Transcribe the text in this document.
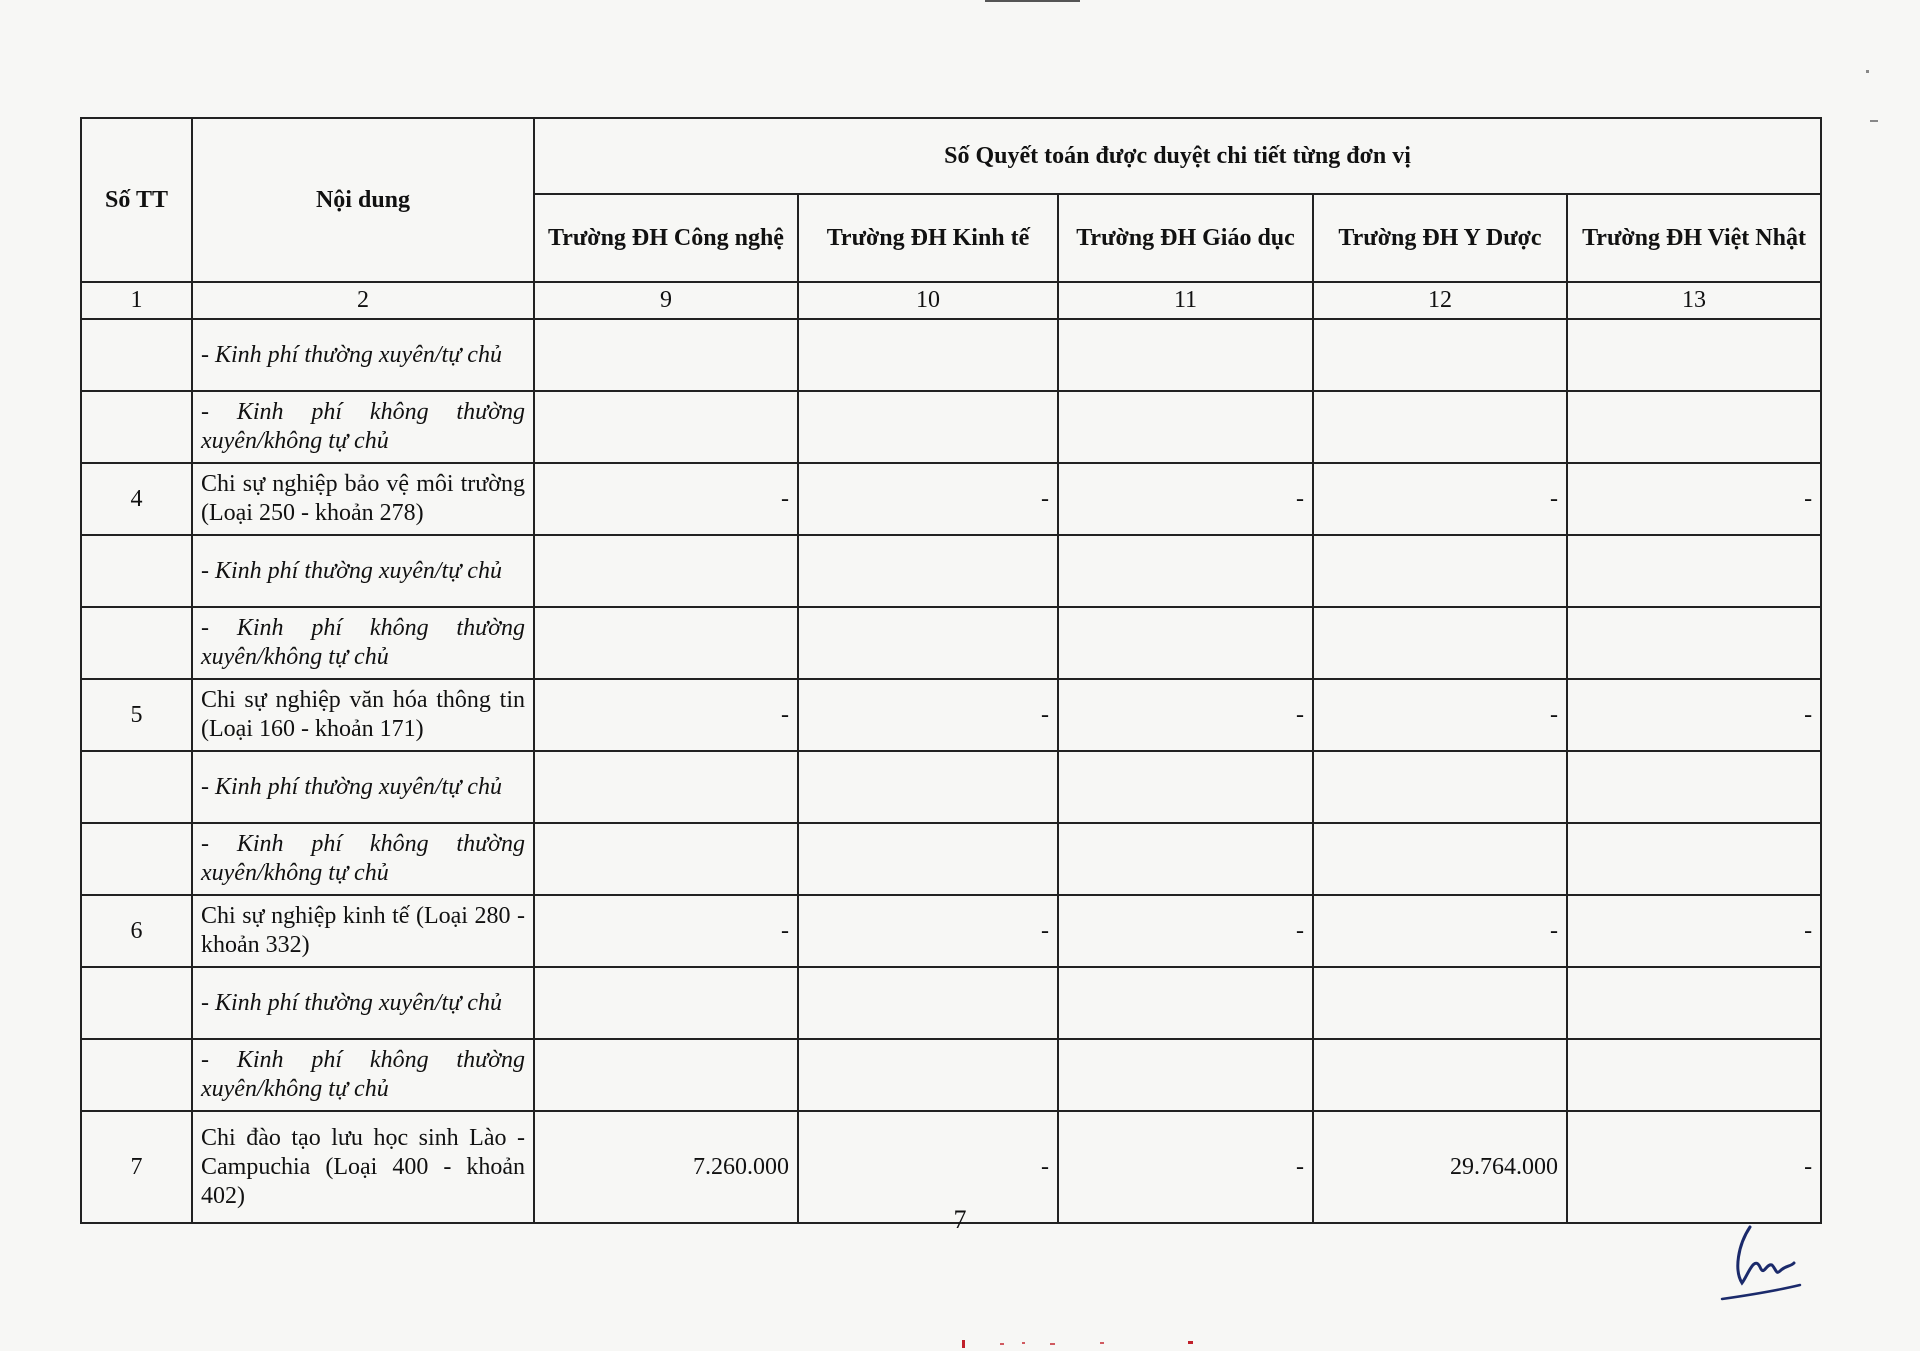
Số TT	Nội dung	Số Quyết toán được duyệt chi tiết từng đơn vị				
		Trường ĐH Công nghệ	Trường ĐH Kinh tế	Trường ĐH Giáo dục	Trường ĐH Y Dược	Trường ĐH Việt Nhật
1	2	9	10	11	12	13
	- Kinh phí thường xuyên/tự chủ					
	- Kinh phí không thường xuyên/không tự chủ					
4	Chi sự nghiệp bảo vệ môi trường (Loại 250 - khoản 278)	-	-	-	-	-
	- Kinh phí thường xuyên/tự chủ					
	- Kinh phí không thường xuyên/không tự chủ					
5	Chi sự nghiệp văn hóa thông tin (Loại 160 - khoản 171)	-	-	-	-	-
	- Kinh phí thường xuyên/tự chủ					
	- Kinh phí không thường xuyên/không tự chủ					
6	Chi sự nghiệp kinh tế (Loại 280 - khoản 332)	-	-	-	-	-
	- Kinh phí thường xuyên/tự chủ					
	- Kinh phí không thường xuyên/không tự chủ					
7	Chi đào tạo lưu học sinh Lào - Campuchia (Loại 400 - khoản 402)	7.260.000	-	-	29.764.000	-
7
